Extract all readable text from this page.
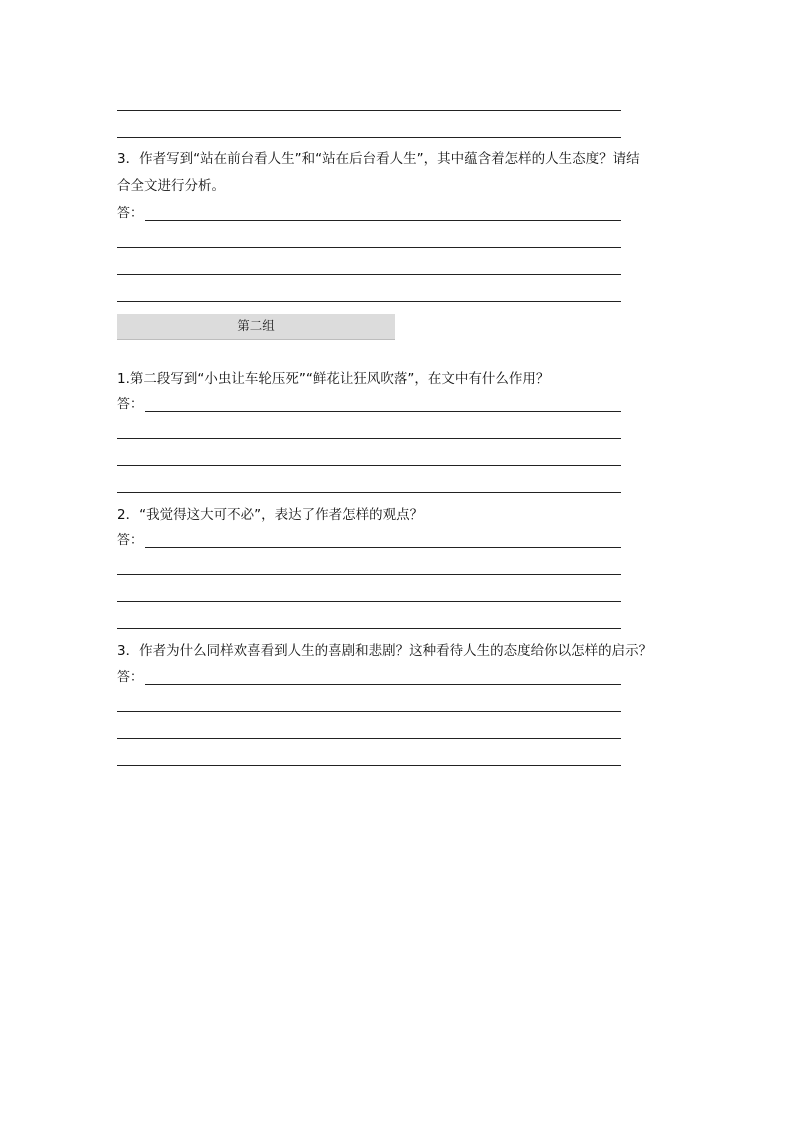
3．作者写到“站在前台看人生”和“站在后台看人生”，其中蕴含着怎样的人生态度？请结
合全文进行分析。
答：
第二组
1.第二段写到“小虫让车轮压死”“鲜花让狂风吹落”，在文中有什么作用？
答：
2．“我觉得这大可不必”，表达了作者怎样的观点？
答：
3．作者为什么同样欢喜看到人生的喜剧和悲剧？这种看待人生的态度给你以怎样的启示？
答：
